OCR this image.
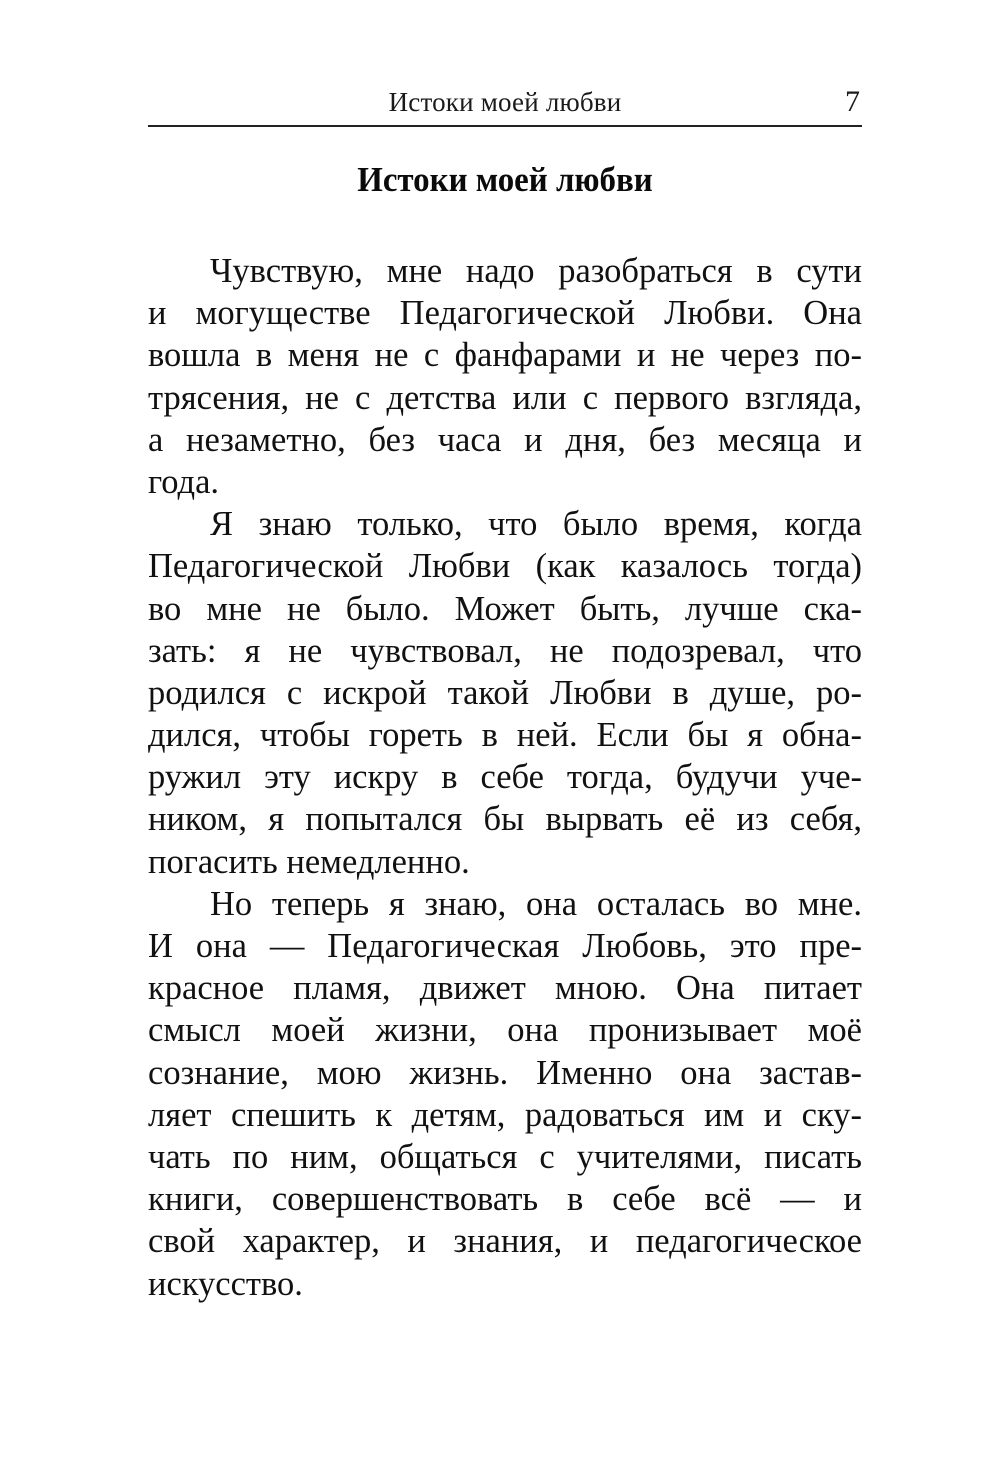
Истоки моей любви	7
Истоки моей любви
Чувствую, мне надо разобраться в сути
и могуществе Педагогической Любви. Она
вошла в меня не с фанфарами и не через по-
трясения, не с детства или с первого взгляда,
а незаметно, без часа и дня, без месяца и
года.
Я знаю только, что было время, когда
Педагогической Любви (как казалось тогда)
во мне не было. Может быть, лучше ска-
зать: я не чувствовал, не подозревал, что
родился с искрой такой Любви в душе, ро-
дился, чтобы гореть в ней. Если бы я обна-
ружил эту искру в себе тогда, будучи уче-
ником, я попытался бы вырвать её из себя,
погасить немедленно.
Но теперь я знаю, она осталась во мне.
И она — Педагогическая Любовь, это пре-
красное пламя, движет мною. Она питает
смысл моей жизни, она пронизывает моё
сознание, мою жизнь. Именно она застав-
ляет спешить к детям, радоваться им и ску-
чать по ним, общаться с учителями, писать
книги, совершенствовать в себе всё — и
свой характер, и знания, и педагогическое
искусство.
